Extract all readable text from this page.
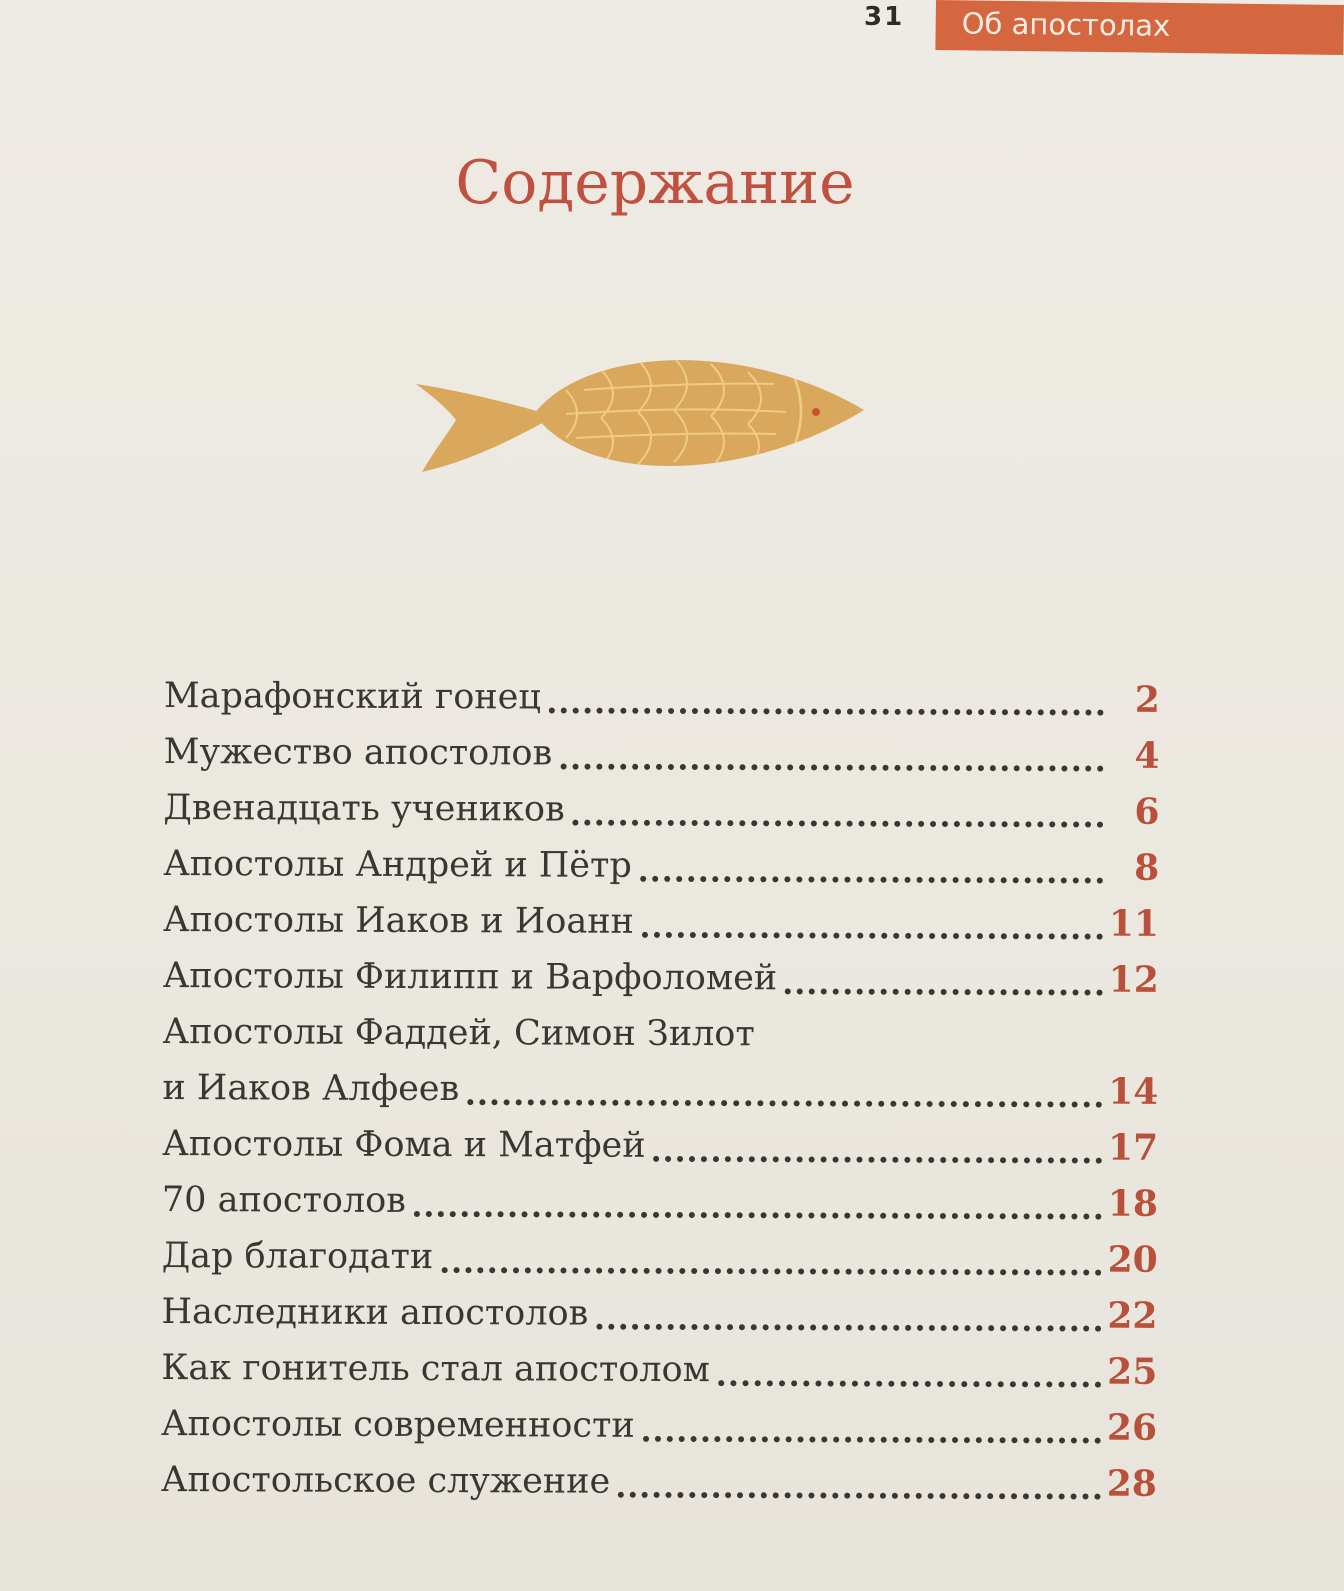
31 Об апостолах
Содержание
Марафонский гонец	2
Мужество апостолов	4
Двенадцать учеников	6
Апостолы Андрей и Пётр	8
Апостолы Иаков и Иоанн	11
Апостолы Филипп и Варфоломей	12
Апостолы Фаддей, Симон Зилот
и Иаков Алфеев	14
Апостолы Фома и Матфей	17
70 апостолов	18
Дар благодати	20
Наследники апостолов	22
Как гонитель стал апостолом	25
Апостолы современности	26
Апостольское служение	28
